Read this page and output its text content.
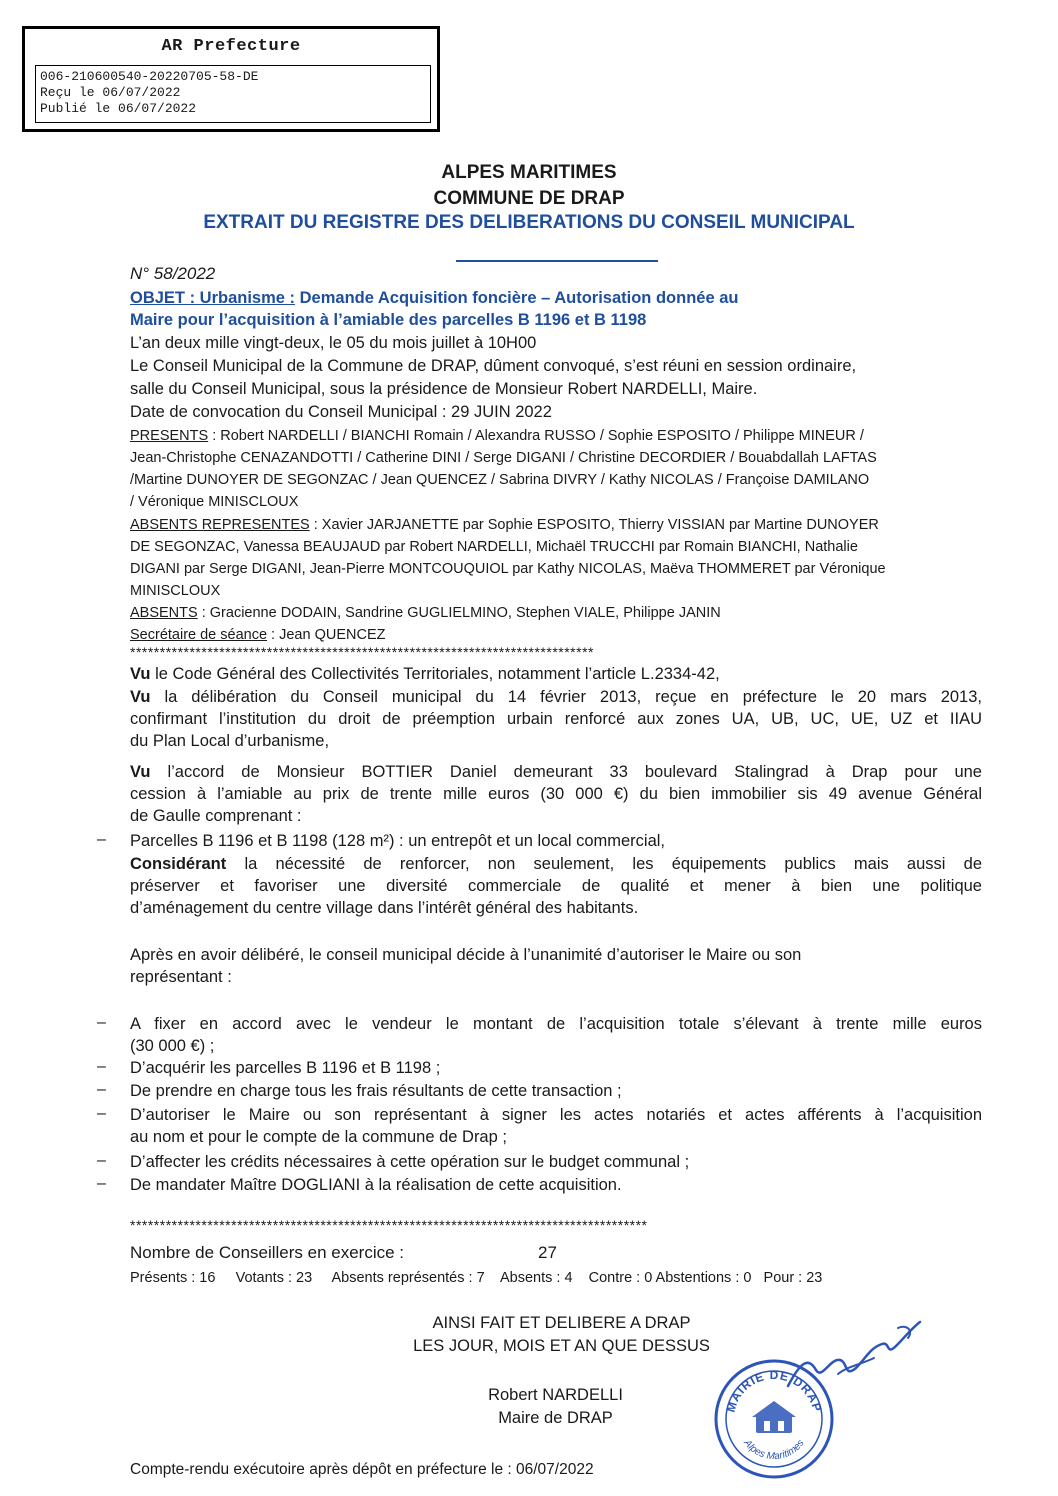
AR Prefecture
006-210600540-20220705-58-DE
Reçu le 06/07/2022
Publié le 06/07/2022
ALPES MARITIMES
COMMUNE DE DRAP
EXTRAIT DU REGISTRE DES DELIBERATIONS DU CONSEIL MUNICIPAL
N° 58/2022
OBJET : Urbanisme : Demande Acquisition foncière – Autorisation donnée au
Maire pour l’acquisition à l’amiable des parcelles B 1196 et B 1198
L’an deux mille vingt-deux, le 05 du mois juillet à 10H00
Le Conseil Municipal de la Commune de DRAP, dûment convoqué, s’est réuni en session ordinaire,
salle du Conseil Municipal, sous la présidence de Monsieur Robert NARDELLI, Maire.
Date de convocation du Conseil Municipal : 29 JUIN 2022
PRESENTS : Robert NARDELLI / BIANCHI Romain / Alexandra RUSSO / Sophie ESPOSITO / Philippe MINEUR /
Jean-Christophe CENAZANDOTTI / Catherine DINI / Serge DIGANI / Christine DECORDIER / Bouabdallah LAFTAS
/Martine DUNOYER DE SEGONZAC / Jean QUENCEZ / Sabrina DIVRY / Kathy NICOLAS / Françoise DAMILANO
/ Véronique MINISCLOUX
ABSENTS REPRESENTES : Xavier JARJANETTE par Sophie ESPOSITO, Thierry VISSIAN par Martine DUNOYER
DE SEGONZAC, Vanessa BEAUJAUD par Robert NARDELLI, Michaël TRUCCHI par Romain BIANCHI, Nathalie
DIGANI par Serge DIGANI, Jean-Pierre MONTCOUQUIOL par Kathy NICOLAS, Maëva THOMMERET par Véronique
MINISCLOUX
ABSENTS : Gracienne DODAIN, Sandrine GUGLIELMINO, Stephen VIALE, Philippe JANIN
Secrétaire de séance : Jean QUENCEZ
******************************************************************************
Vu le Code Général des Collectivités Territoriales, notamment l’article L.2334-42,
Vu la délibération du Conseil municipal du 14 février 2013, reçue en préfecture le 20 mars 2013,
confirmant l’institution du droit de préemption urbain renforcé aux zones UA, UB, UC, UE, UZ et IIAU
du Plan Local d’urbanisme,
Vu l’accord de Monsieur BOTTIER Daniel demeurant 33 boulevard Stalingrad à Drap pour une
cession à l’amiable au prix de trente mille euros (30 000 €) du bien immobilier sis 49 avenue Général
de Gaulle comprenant :
– Parcelles B 1196 et B 1198 (128 m²) : un entrepôt et un local commercial,
Considérant la nécessité de renforcer, non seulement, les équipements publics mais aussi de
préserver et favoriser une diversité commerciale de qualité et mener à bien une politique
d’aménagement du centre village dans l’intérêt général des habitants.
Après en avoir délibéré, le conseil municipal décide à l’unanimité d’autoriser le Maire ou son
représentant :
– A fixer en accord avec le vendeur le montant de l’acquisition totale s’élevant à trente mille euros
(30 000 €) ;
– D’acquérir les parcelles B 1196 et B 1198 ;
– De prendre en charge tous les frais résultants de cette transaction ;
– D’autoriser le Maire ou son représentant à signer les actes notariés et actes afférents à l’acquisition
au nom et pour le compte de la commune de Drap ;
– D’affecter les crédits nécessaires à cette opération sur le budget communal ;
– De mandater Maître DOGLIANI à la réalisation de cette acquisition.
***************************************************************************************
Nombre de Conseillers en exercice :	27
Présents : 16     Votants : 23     Absents représentés : 7    Absents : 4    Contre : 0 Abstentions : 0   Pour : 23
AINSI FAIT ET DELIBERE A DRAP
LES JOUR, MOIS ET AN QUE DESSUS
Robert NARDELLI
Maire de DRAP
MAIRIE DE DRAP
Alpes Maritimes
Compte-rendu exécutoire après dépôt en préfecture le : 06/07/2022
